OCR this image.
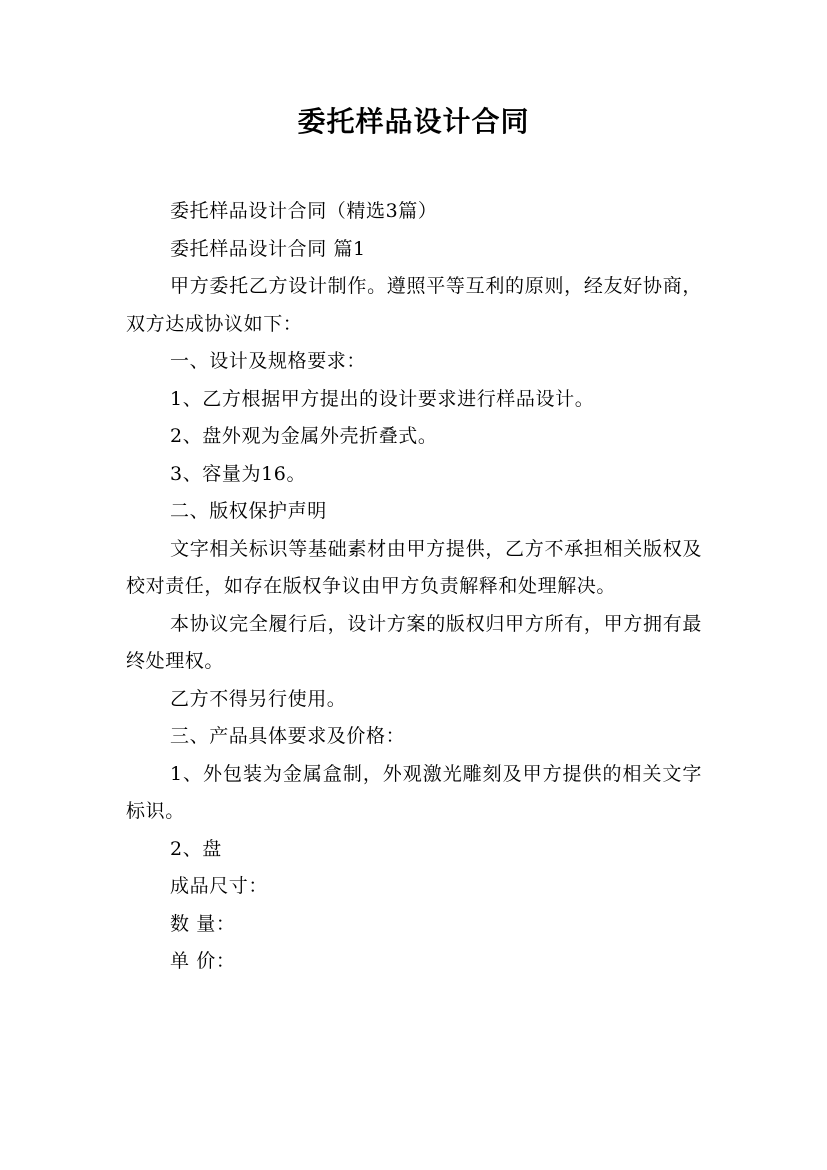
委托样品设计合同

委托样品设计合同（精选3篇）

委托样品设计合同 篇1

甲方委托乙方设计制作。遵照平等互利的原则，经友好协商，双方达成协议如下：

一、设计及规格要求：

1、乙方根据甲方提出的设计要求进行样品设计。

2、盘外观为金属外壳折叠式。

3、容量为16。

二、版权保护声明

文字相关标识等基础素材由甲方提供，乙方不承担相关版权及校对责任，如存在版权争议由甲方负责解释和处理解决。

本协议完全履行后，设计方案的版权归甲方所有，甲方拥有最终处理权。

乙方不得另行使用。

三、产品具体要求及价格：

1、外包装为金属盒制，外观激光雕刻及甲方提供的相关文字标识。

2、盘

成品尺寸：

数 量：

单 价：
